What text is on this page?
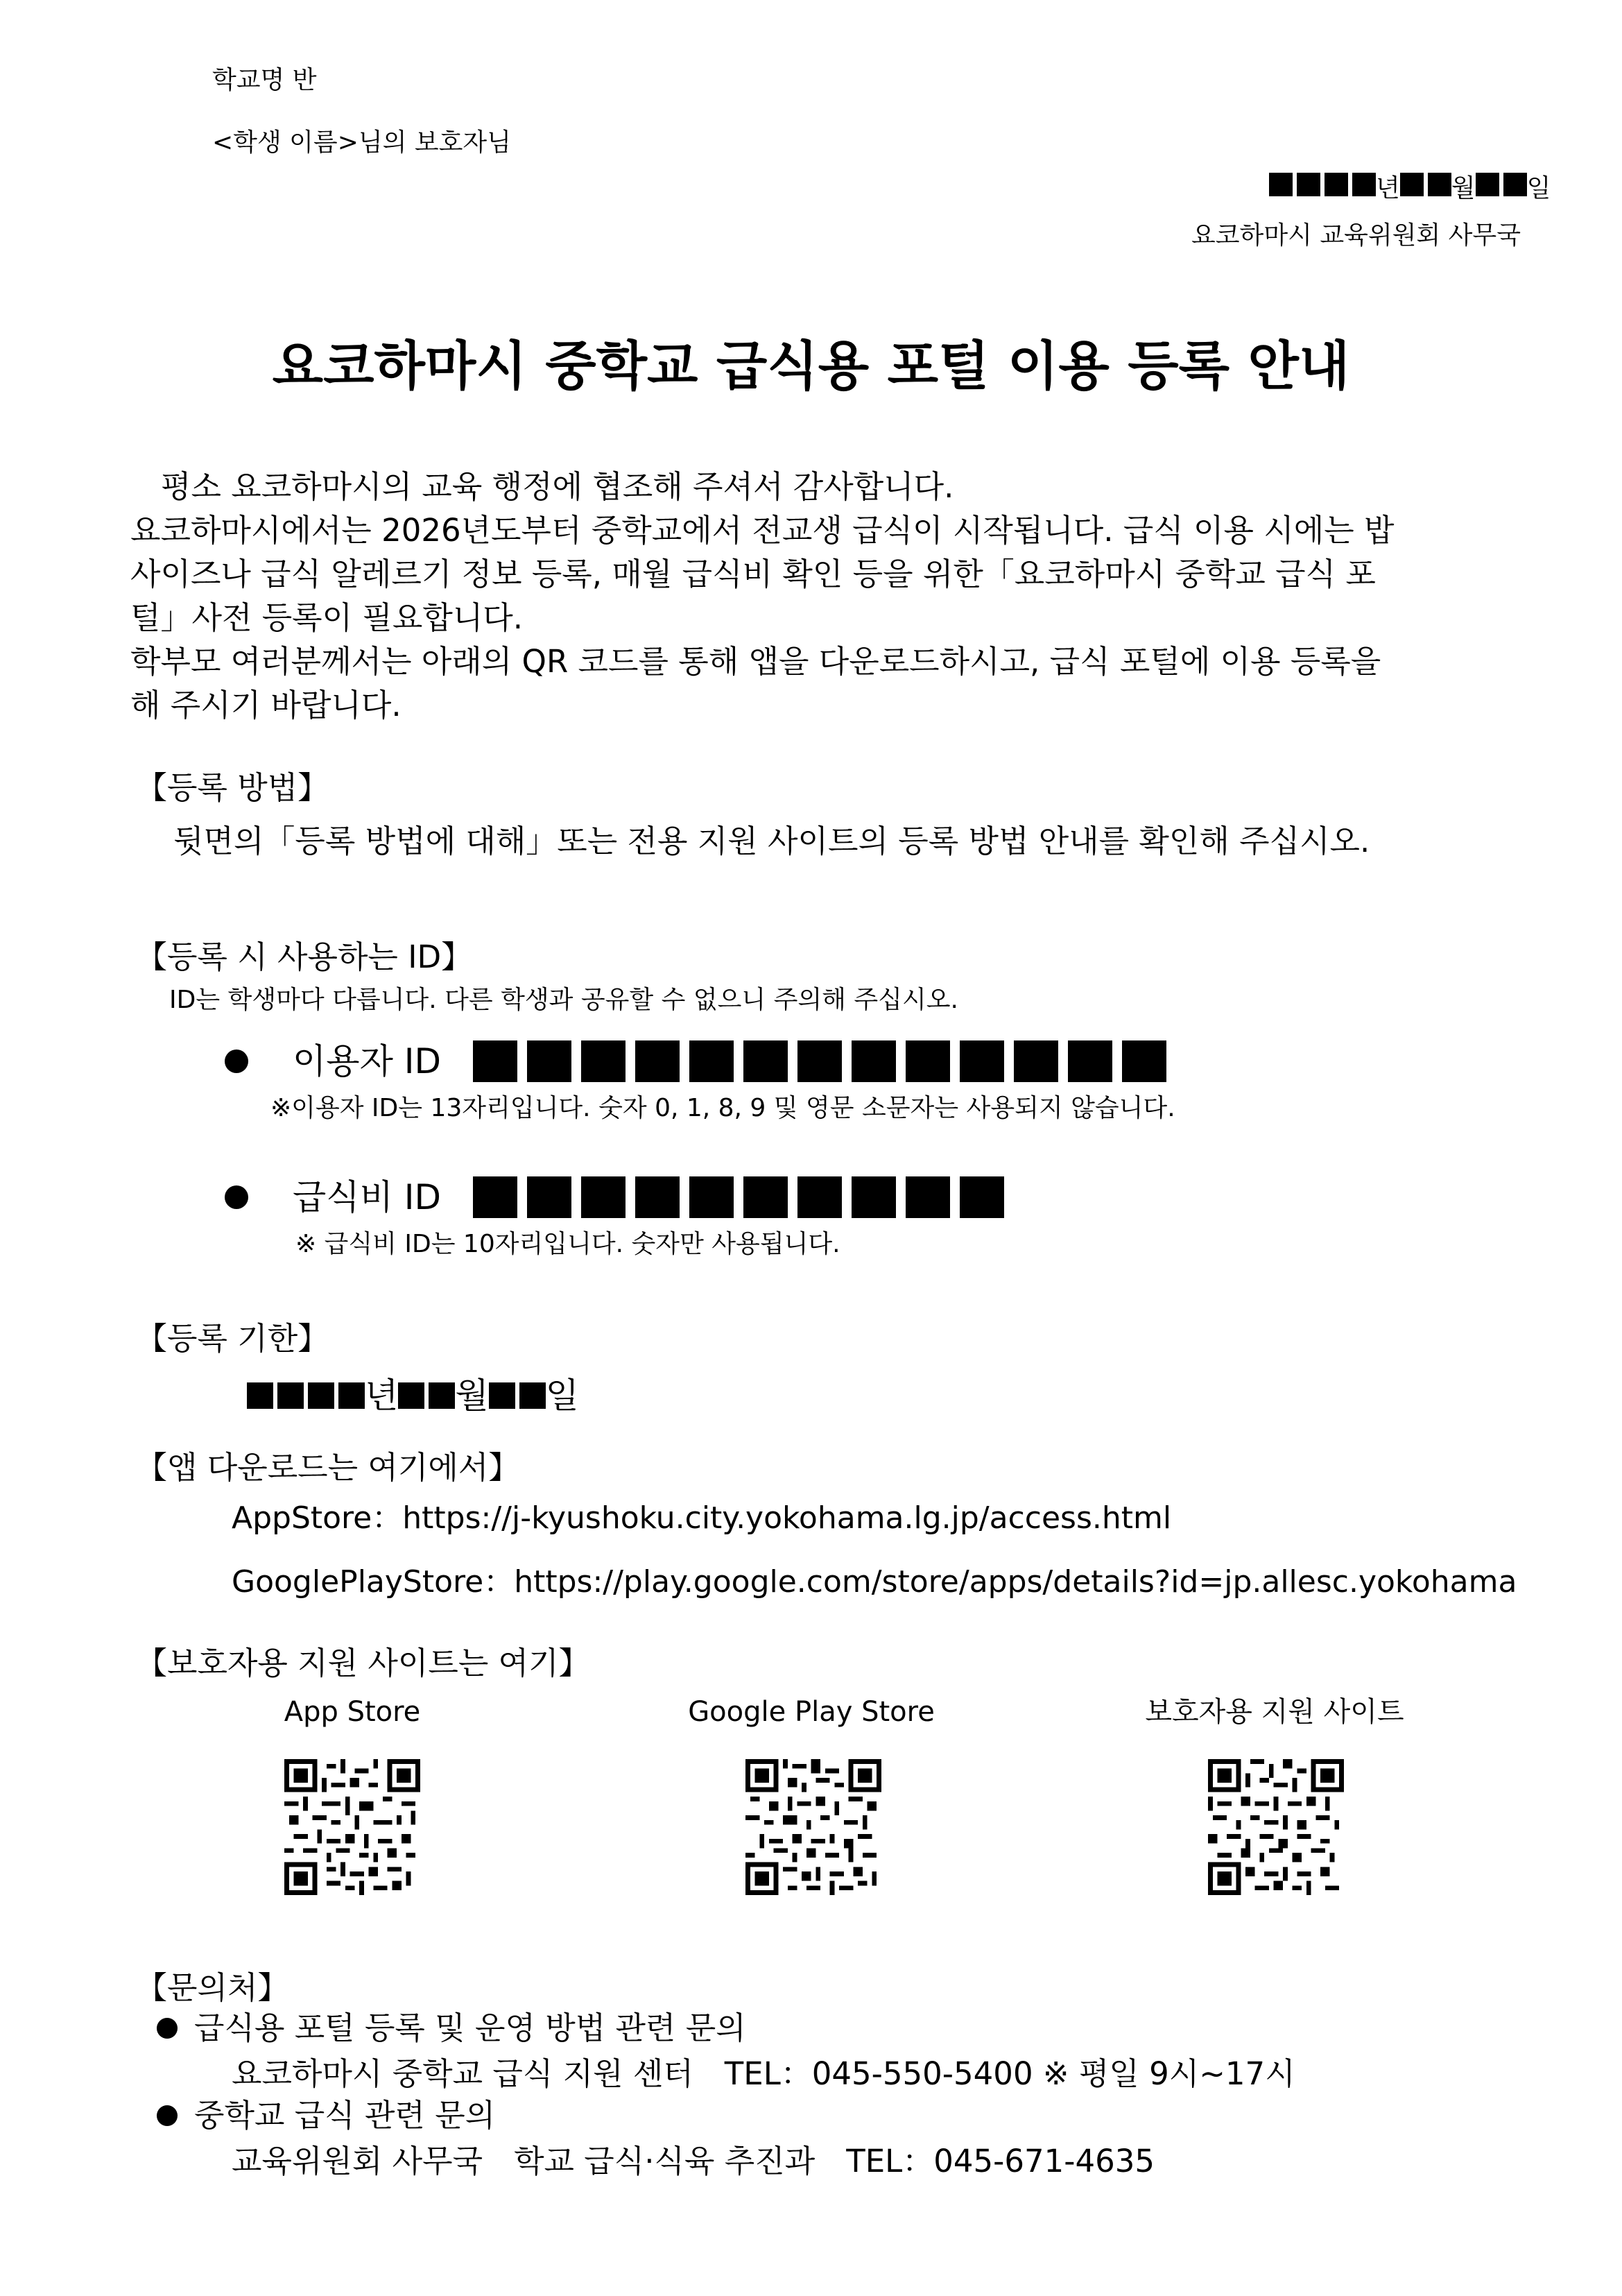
학교명 반
<학생 이름>님의 보호자님
년 월 일
요코하마시 교육위원회 사무국
요코하마시 중학교 급식용 포털 이용 등록 안내
평소 요코하마시의 교육 행정에 협조해 주셔서 감사합니다.
요코하마시에서는 2026년도부터 중학교에서 전교생 급식이 시작됩니다. 급식 이용 시에는 밥
사이즈나 급식 알레르기 정보 등록, 매월 급식비 확인 등을 위한「요코하마시 중학교 급식 포
털」사전 등록이 필요합니다.
학부모 여러분께서는 아래의 QR 코드를 통해 앱을 다운로드하시고, 급식 포털에 이용 등록을
해 주시기 바랍니다.
【등록 방법】
뒷면의「등록 방법에 대해」또는 전용 지원 사이트의 등록 방법 안내를 확인해 주십시오.
【등록 시 사용하는 ID】
ID는 학생마다 다릅니다. 다른 학생과 공유할 수 없으니 주의해 주십시오.
이용자 ID
※이용자 ID는 13자리입니다. 숫자 0, 1, 8, 9 및 영문 소문자는 사용되지 않습니다.
급식비 ID
※ 급식비 ID는 10자리입니다. 숫자만 사용됩니다.
【등록 기한】
년 월 일
【앱 다운로드는 여기에서】
AppStore：https://j-kyushoku.city.yokohama.lg.jp/access.html
GooglePlayStore：https://play.google.com/store/apps/details?id=jp.allesc.yokohama
【보호자용 지원 사이트는 여기】
App Store	Google Play Store	보호자용 지원 사이트
【문의처】
급식용 포털 등록 및 운영 방법 관련 문의
요코하마시 중학교 급식 지원 센터　TEL：045-550-5400 ※ 평일 9시~17시
중학교 급식 관련 문의
교육위원회 사무국　학교 급식·식육 추진과　TEL：045-671-4635
